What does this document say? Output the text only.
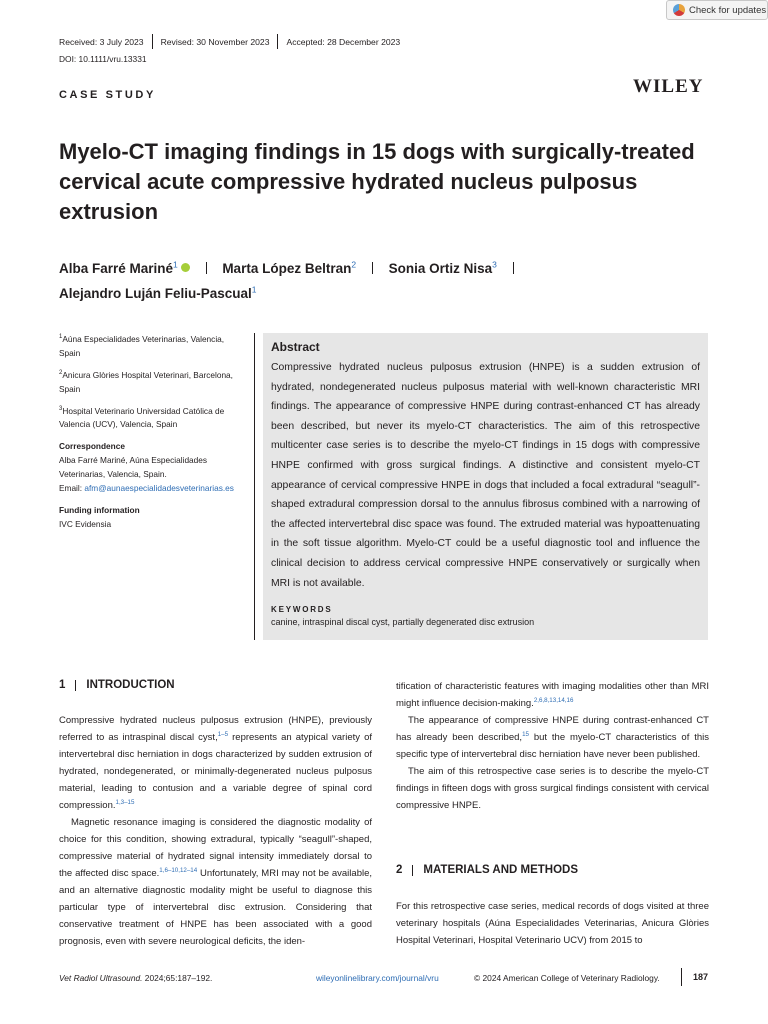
Check for updates
Received: 3 July 2023 Revised: 30 November 2023 Accepted: 28 December 2023
DOI: 10.1111/vru.13331
CASE STUDY	WILEY
Myelo-CT imaging findings in 15 dogs with surgically-treated cervical acute compressive hydrated nucleus pulposus extrusion
Alba Farré Mariné$^1$	Marta López Beltran$^2$ Sonia Ortiz Nisa$^3$
Alejandro Luján Feliu-Pascual$^1$

$^1$Aúna Especialidades Veterinarias, Valencia, Spain

$^2$Anicura Glòries Hospital Veterinari, Barcelona, Spain

$^3$Hospital Veterinario Universidad Católica de Valencia (UCV), Valencia, Spain

Correspondence

Alba Farré Mariné, Aúna Especialidades Veterinarias, Valencia, Spain.

Email: afm@aunaespecialidadesveterinarias.es

Funding information

IVC Evidensia

Abstract
Compressive hydrated nucleus pulposus extrusion (HNPE) is a sudden extrusion of hydrated, nondegenerated nucleus pulposus material with well-known characteristic MRI findings. The appearance of compressive HNPE during contrast-enhanced CT has already been described, but never its myelo-CT characteristics. The aim of this retrospective multicenter case series is to describe the myelo-CT findings in 15 dogs with compressive HNPE confirmed with gross surgical findings. A distinctive and consistent myelo-CT appearance of cervical compressive HNPE in dogs that included a focal extradural “seagull”-shaped extradural compression dorsal to the annulus fibrosus combined with a narrowing of the affected intervertebral disc space was found. The extruded material was hypoattenuating in the soft tissue algorithm. Myelo-CT could be a useful diagnostic tool and influence the clinical decision to address cervical compressive HNPE conservatively or surgically when MRI is not available.
KEYWORDS
canine, intraspinal discal cyst, partially degenerated disc extrusion
1 INTRODUCTION

Compressive hydrated nucleus pulposus extrusion (HNPE), previously referred to as intraspinal discal cyst,$^{1-5}$ represents an atypical variety of intervertebral disc herniation in dogs characterized by sudden extrusion of hydrated, nondegenerated, or minimally-degenerated nucleus pulposus material, leading to contusion and a variable degree of spinal cord compression.$^{1,3-15}$

Magnetic resonance imaging is considered the diagnostic modality of choice for this condition, showing extradural, typically “seagull”-shaped, compressive material of hydrated signal intensity immediately dorsal to the affected disc space.$^{1,6-10,12-14}$ Unfortunately, MRI may not be available, and an alternative diagnostic modality might be useful to diagnose this particular type of intervertebral disc extrusion. Considering that conservative treatment of HNPE has been associated with a good prognosis, even with severe neurological deficits, the iden-

tification of characteristic features with imaging modalities other than MRI might influence decision-making.$^{2,6,8,13,14,16}$

The appearance of compressive HNPE during contrast-enhanced CT has already been described,$^{15}$ but the myelo-CT characteristics of this specific type of intervertebral disc herniation have never been published.

The aim of this retrospective case series is to describe the myelo-CT findings in fifteen dogs with gross surgical findings consistent with cervical compressive HNPE.

2 MATERIALS AND METHODS

For this retrospective case series, medical records of dogs visited at three veterinary hospitals (Aúna Especialidades Veterinarias, Anicura Glòries Hospital Veterinari, Hospital Veterinario UCV) from 2015 to

Vet Radiol Ultrasound. 2024;65:187–192.	wileyonlinelibrary.com/journal/vru	© 2024 American College of Veterinary Radiology.	187
